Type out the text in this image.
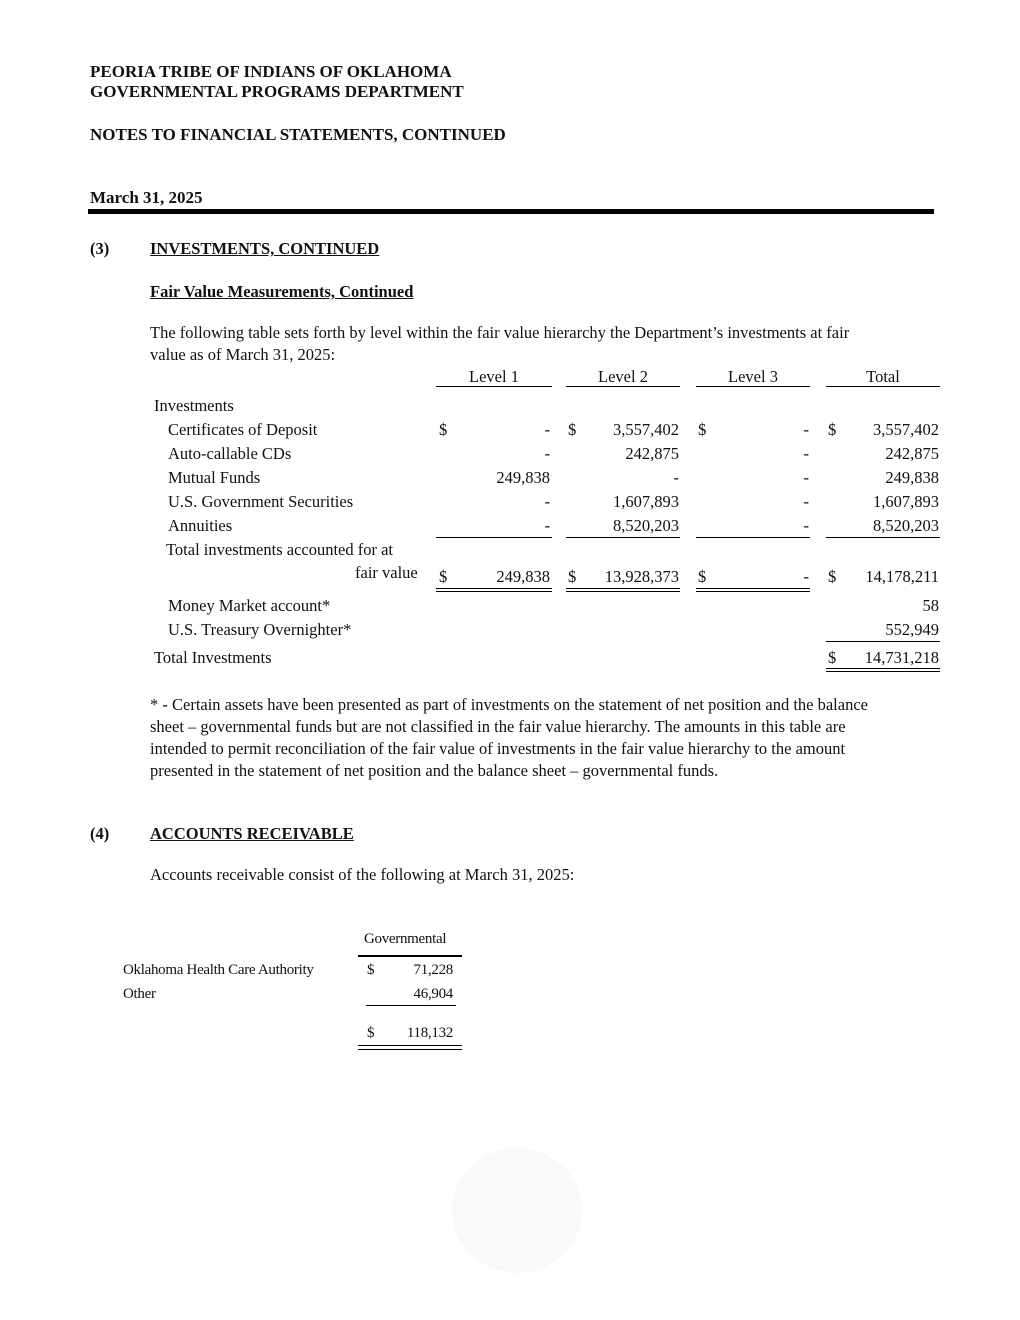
PEORIA TRIBE OF INDIANS OF OKLAHOMA
GOVERNMENTAL PROGRAMS DEPARTMENT
NOTES TO FINANCIAL STATEMENTS, CONTINUED
March 31, 2025
(3) INVESTMENTS, CONTINUED
Fair Value Measurements, Continued
The following table sets forth by level within the fair value hierarchy the Department’s investments at fair
value as of March 31, 2025:
Level 1	Level 2	Level 3	Total
Investments
Certificates of Deposit	$	- $	3,557,402 $	- $	3,557,402
Auto-callable CDs	-	242,875	-	242,875
Mutual Funds	249,838	-	-	249,838
U.S. Government Securities	-	1,607,893	-	1,607,893
Annuities	-	8,520,203	-	8,520,203
Total investments accounted for at
fair value $	249,838 $	13,928,373 $	- $	14,178,211
Money Market account*	58
U.S. Treasury Overnighter*	552,949
Total Investments	$	14,731,218
* - Certain assets have been presented as part of investments on the statement of net position and the balance
sheet – governmental funds but are not classified in the fair value hierarchy. The amounts in this table are
intended to permit reconciliation of the fair value of investments in the fair value hierarchy to the amount
presented in the statement of net position and the balance sheet – governmental funds.
(4) ACCOUNTS RECEIVABLE
Accounts receivable consist of the following at March 31, 2025:
Governmental
Oklahoma Health Care Authority	$	71,228
Other	46,904
$	118,132
